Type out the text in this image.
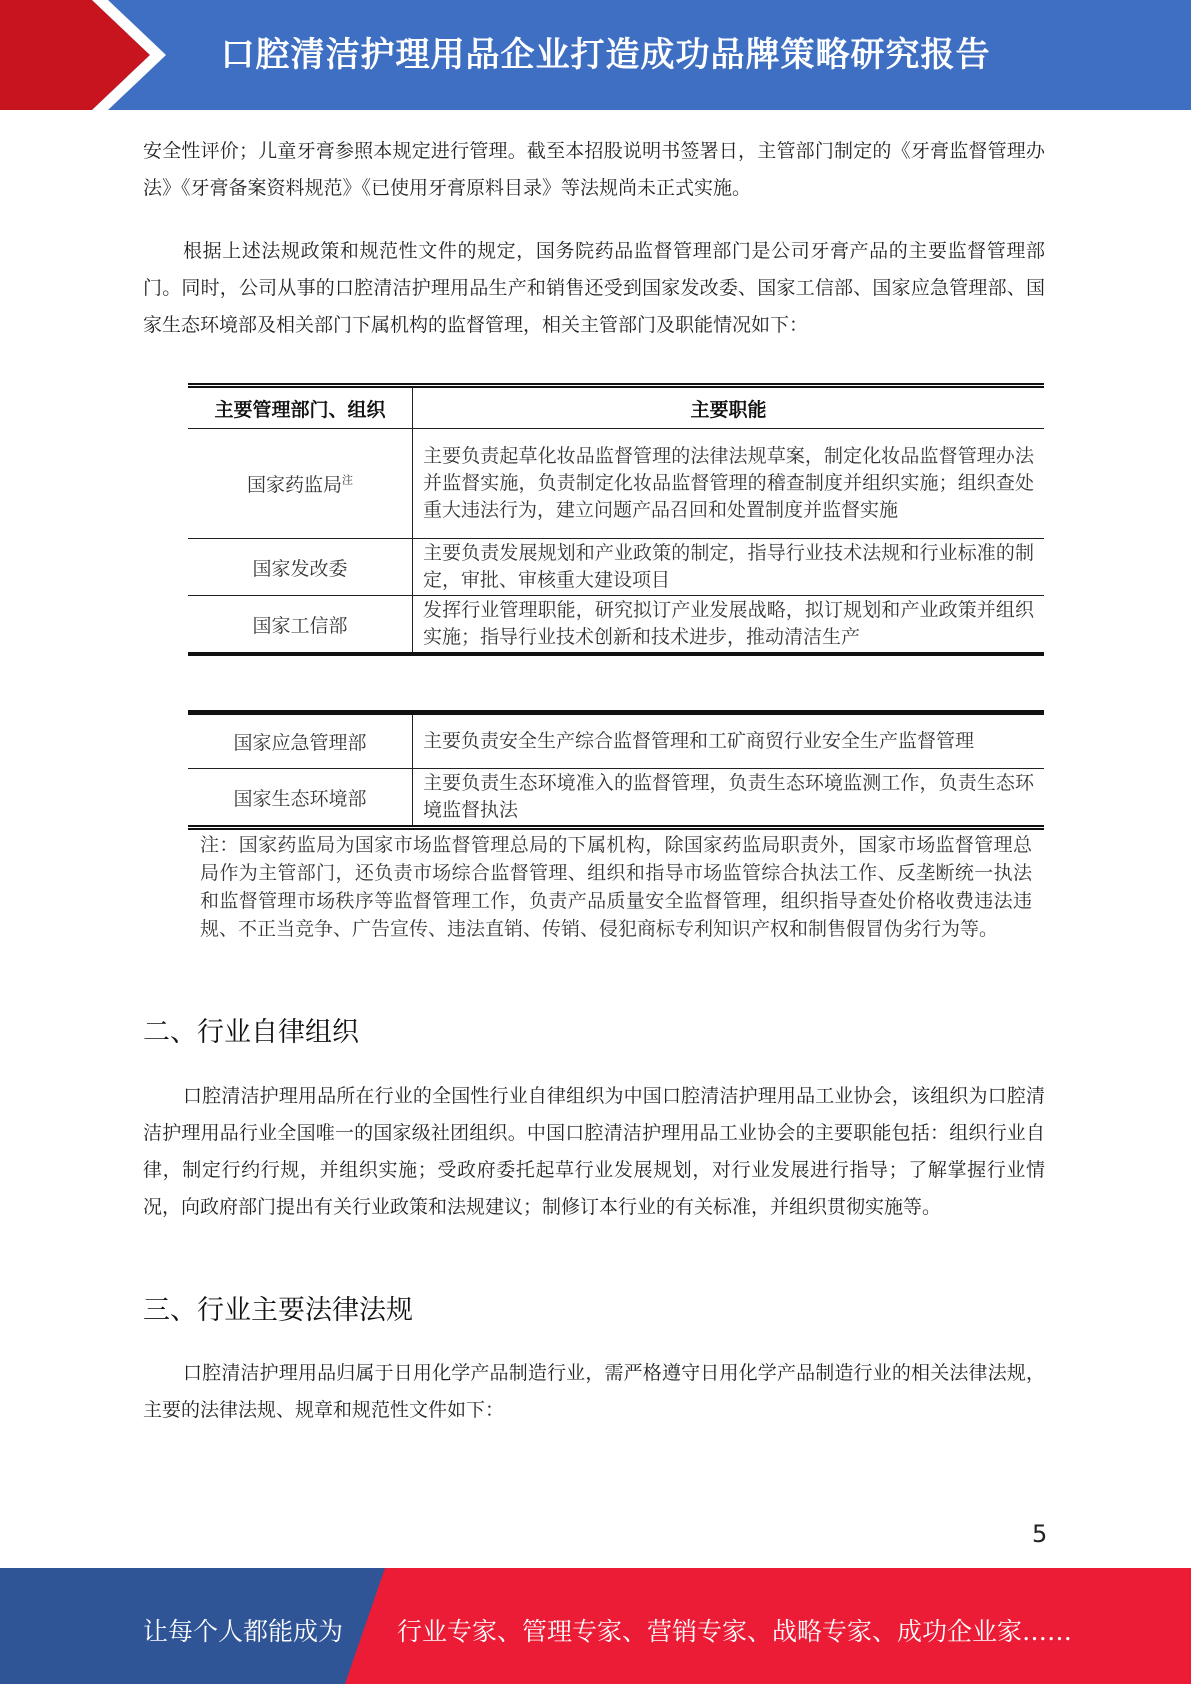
口腔清洁护理用品企业打造成功品牌策略研究报告

安全性评价；儿童牙膏参照本规定进行管理。截至本招股说明书签署日，主管部门制定的《牙膏监督管理办法》《牙膏备案资料规范》《已使用牙膏原料目录》等法规尚未正式实施。

根据上述法规政策和规范性文件的规定，国务院药品监督管理部门是公司牙膏产品的主要监督管理部门。同时，公司从事的口腔清洁护理用品生产和销售还受到国家发改委、国家工信部、国家应急管理部、国家生态环境部及相关部门下属机构的监督管理，相关主管部门及职能情况如下：

主要管理部门、组织	主要职能
国家药监局$^注$	主要负责起草化妆品监督管理的法律法规草案，制定化妆品监督管理办法并监督实施，负责制定化妆品监督管理的稽查制度并组织实施；组织查处重大违法行为，建立问题产品召回和处置制度并监督实施
国家发改委	主要负责发展规划和产业政策的制定，指导行业技术法规和行业标准的制定，审批、审核重大建设项目
国家工信部	发挥行业管理职能，研究拟订产业发展战略，拟订规划和产业政策并组织实施；指导行业技术创新和技术进步，推动清洁生产
国家应急管理部	主要负责安全生产综合监督管理和工矿商贸行业安全生产监督管理
国家生态环境部	主要负责生态环境准入的监督管理，负责生态环境监测工作，负责生态环境监督执法

注：国家药监局为国家市场监督管理总局的下属机构，除国家药监局职责外，国家市场监督管理总局作为主管部门，还负责市场综合监督管理、组织和指导市场监管综合执法工作、反垄断统一执法和监督管理市场秩序等监督管理工作，负责产品质量安全监督管理，组织指导查处价格收费违法违规、不正当竞争、广告宣传、违法直销、传销、侵犯商标专利知识产权和制售假冒伪劣行为等。

二、行业自律组织

口腔清洁护理用品所在行业的全国性行业自律组织为中国口腔清洁护理用品工业协会，该组织为口腔清洁护理用品行业全国唯一的国家级社团组织。中国口腔清洁护理用品工业协会的主要职能包括：组织行业自律，制定行约行规，并组织实施；受政府委托起草行业发展规划，对行业发展进行指导；了解掌握行业情况，向政府部门提出有关行业政策和法规建议；制修订本行业的有关标准，并组织贯彻实施等。

三、行业主要法律法规

口腔清洁护理用品归属于日用化学产品制造行业，需严格遵守日用化学产品制造行业的相关法律法规，主要的法律法规、规章和规范性文件如下：

5
让每个人都能成为 行业专家、管理专家、营销专家、战略专家、成功企业家……
